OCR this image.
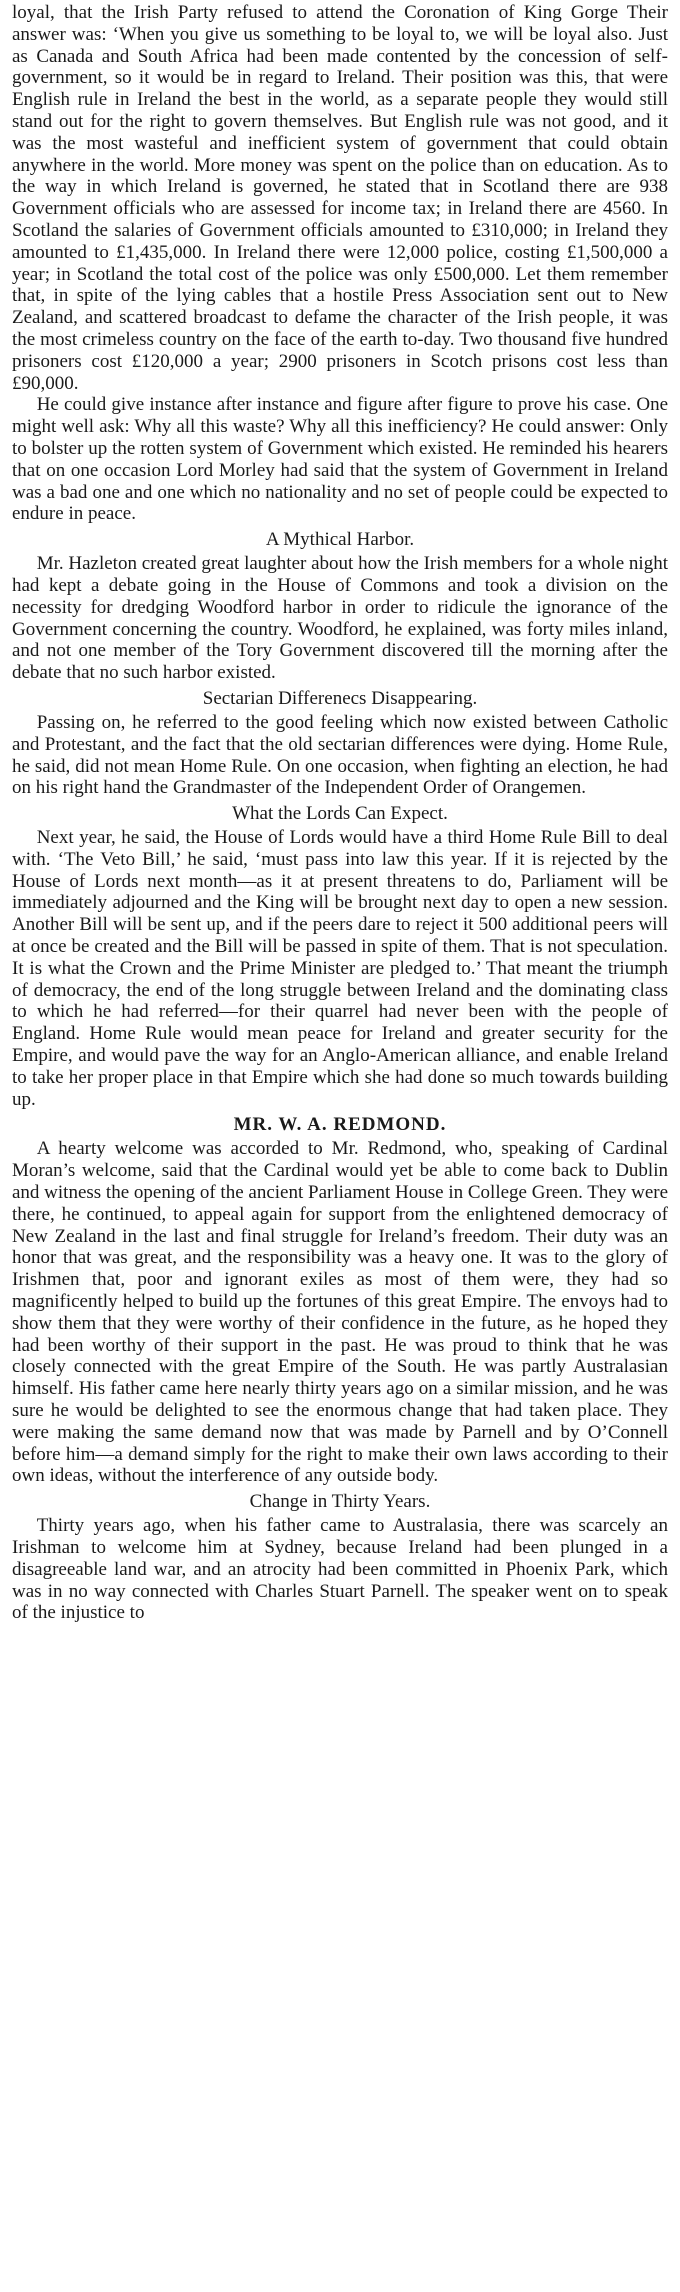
loyal, that the Irish Party refused to attend the Coronation of King Gorge Their answer was: ‘When you give us something to be loyal to, we will be loyal also. Just as Canada and South Africa had been made contented by the concession of self-government, so it would be in regard to Ireland. Their position was this, that were English rule in Ireland the best in the world, as a separate people they would still stand out for the right to govern themselves. But English rule was not good, and it was the most wasteful and inefficient system of government that could obtain anywhere in the world. More money was spent on the police than on education. As to the way in which Ireland is governed, he stated that in Scotland there are 938 Government officials who are assessed for income tax; in Ireland there are 4560. In Scotland the salaries of Government officials amounted to £310,000; in Ireland they amounted to £1,435,000. In Ireland there were 12,000 police, costing £1,500,000 a year; in Scotland the total cost of the police was only £500,000. Let them remember that, in spite of the lying cables that a hostile Press Association sent out to New Zealand, and scattered broadcast to defame the character of the Irish people, it was the most crimeless country on the face of the earth to-day. Two thousand five hundred prisoners cost £120,000 a year; 2900 prisoners in Scotch prisons cost less than £90,000.

He could give instance after instance and figure after figure to prove his case. One might well ask: Why all this waste? Why all this inefficiency? He could answer: Only to bolster up the rotten system of Government which existed. He reminded his hearers that on one occasion Lord Morley had said that the system of Government in Ireland was a bad one and one which no nationality and no set of people could be expected to endure in peace.

A Mythical Harbor.

Mr. Hazleton created great laughter about how the Irish members for a whole night had kept a debate going in the House of Commons and took a division on the necessity for dredging Woodford harbor in order to ridicule the ignorance of the Government concerning the country. Woodford, he explained, was forty miles inland, and not one member of the Tory Government discovered till the morning after the debate that no such harbor existed.

Sectarian Differenecs Disappearing.

Passing on, he referred to the good feeling which now existed between Catholic and Protestant, and the fact that the old sectarian differences were dying. Home Rule, he said, did not mean Home Rule. On one occasion, when fighting an election, he had on his right hand the Grandmaster of the Independent Order of Orangemen.

What the Lords Can Expect.

Next year, he said, the House of Lords would have a third Home Rule Bill to deal with. ‘The Veto Bill,’ he said, ‘must pass into law this year. If it is rejected by the House of Lords next month—as it at present threatens to do, Parliament will be immediately adjourned and the King will be brought next day to open a new session. Another Bill will be sent up, and if the peers dare to reject it 500 additional peers will at once be created and the Bill will be passed in spite of them. That is not speculation. It is what the Crown and the Prime Minister are pledged to.’ That meant the triumph of democracy, the end of the long struggle between Ireland and the dominating class to which he had referred—for their quarrel had never been with the people of England. Home Rule would mean peace for Ireland and greater security for the Empire, and would pave the way for an Anglo-American alliance, and enable Ireland to take her proper place in that Empire which she had done so much towards building up.

MR. W. A. REDMOND.

A hearty welcome was accorded to Mr. Redmond, who, speaking of Cardinal Moran’s welcome, said that the Cardinal would yet be able to come back to Dublin and witness the opening of the ancient Parliament House in College Green. They were there, he continued, to appeal again for support from the enlightened democracy of New Zealand in the last and final struggle for Ireland’s freedom. Their duty was an honor that was great, and the responsibility was a heavy one. It was to the glory of Irishmen that, poor and ignorant exiles as most of them were, they had so magnificently helped to build up the fortunes of this great Empire. The envoys had to show them that they were worthy of their confidence in the future, as he hoped they had been worthy of their support in the past. He was proud to think that he was closely connected with the great Empire of the South. He was partly Australasian himself. His father came here nearly thirty years ago on a similar mission, and he was sure he would be delighted to see the enormous change that had taken place. They were making the same demand now that was made by Parnell and by O’Connell before him—a demand simply for the right to make their own laws according to their own ideas, without the interference of any outside body.

Change in Thirty Years.

Thirty years ago, when his father came to Australasia, there was scarcely an Irishman to welcome him at Sydney, because Ireland had been plunged in a disagreeable land war, and an atrocity had been committed in Phoenix Park, which was in no way connected with Charles Stuart Parnell. The speaker went on to speak of the injustice to
